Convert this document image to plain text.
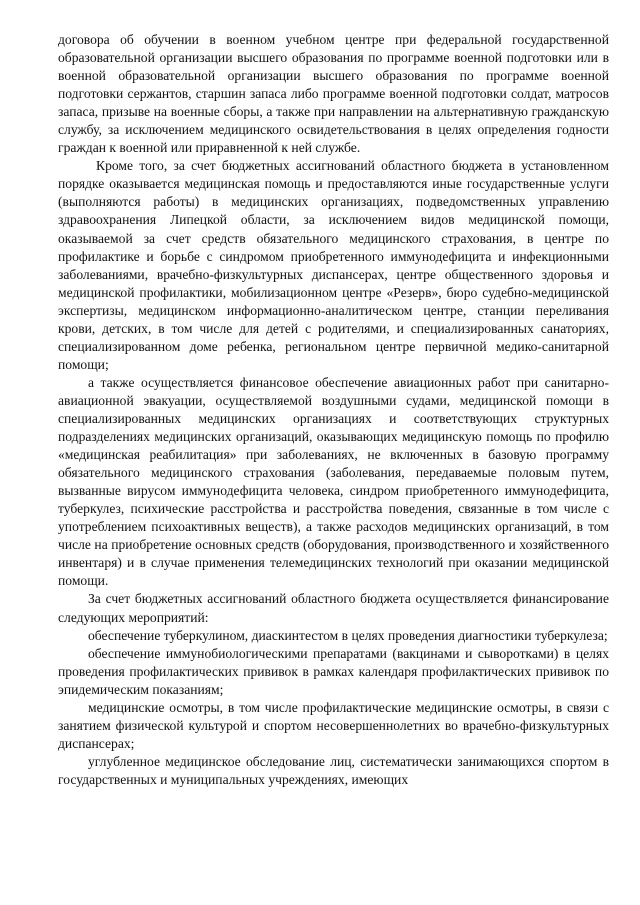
договора об обучении в военном учебном центре при федеральной государственной образовательной организации высшего образования по программе военной подготовки или в военной образовательной организации высшего образования по программе военной подготовки сержантов, старшин запаса либо программе военной подготовки солдат, матросов запаса, призыве на военные сборы, а также при направлении на альтернативную гражданскую службу, за исключением медицинского освидетельствования в целях определения годности граждан к военной или приравненной к ней службе.

Кроме того, за счет бюджетных ассигнований областного бюджета в установленном порядке оказывается медицинская помощь и предоставляются иные государственные услуги (выполняются работы) в медицинских организациях, подведомственных управлению здравоохранения Липецкой области, за исключением видов медицинской помощи, оказываемой за счет средств обязательного медицинского страхования, в центре по профилактике и борьбе с синдромом приобретенного иммунодефицита и инфекционными заболеваниями, врачебно-физкультурных диспансерах, центре общественного здоровья и медицинской профилактики, мобилизационном центре «Резерв», бюро судебно-медицинской экспертизы, медицинском информационно-аналитическом центре, станции переливания крови, детских, в том числе для детей с родителями, и специализированных санаториях, специализированном доме ребенка, региональном центре первичной медико-санитарной помощи;

а также осуществляется финансовое обеспечение авиационных работ при санитарно-авиационной эвакуации, осуществляемой воздушными судами, медицинской помощи в специализированных медицинских организациях и соответствующих структурных подразделениях медицинских организаций, оказывающих медицинскую помощь по профилю «медицинская реабилитация» при заболеваниях, не включенных в базовую программу обязательного медицинского страхования (заболевания, передаваемые половым путем, вызванные вирусом иммунодефицита человека, синдром приобретенного иммунодефицита, туберкулез, психические расстройства и расстройства поведения, связанные в том числе с употреблением психоактивных веществ), а также расходов медицинских организаций, в том числе на приобретение основных средств (оборудования, производственного и хозяйственного инвентаря) и в случае применения телемедицинских технологий при оказании медицинской помощи.

За счет бюджетных ассигнований областного бюджета осуществляется финансирование следующих мероприятий:

обеспечение туберкулином, диаскинтестом в целях проведения диагностики туберкулеза;

обеспечение иммунобиологическими препаратами (вакцинами и сыворотками) в целях проведения профилактических прививок в рамках календаря профилактических прививок по эпидемическим показаниям;

медицинские осмотры, в том числе профилактические медицинские осмотры, в связи с занятием физической культурой и спортом несовершеннолетних во врачебно-физкультурных диспансерах;

углубленное медицинское обследование лиц, систематически занимающихся спортом в государственных и муниципальных учреждениях, имеющих
